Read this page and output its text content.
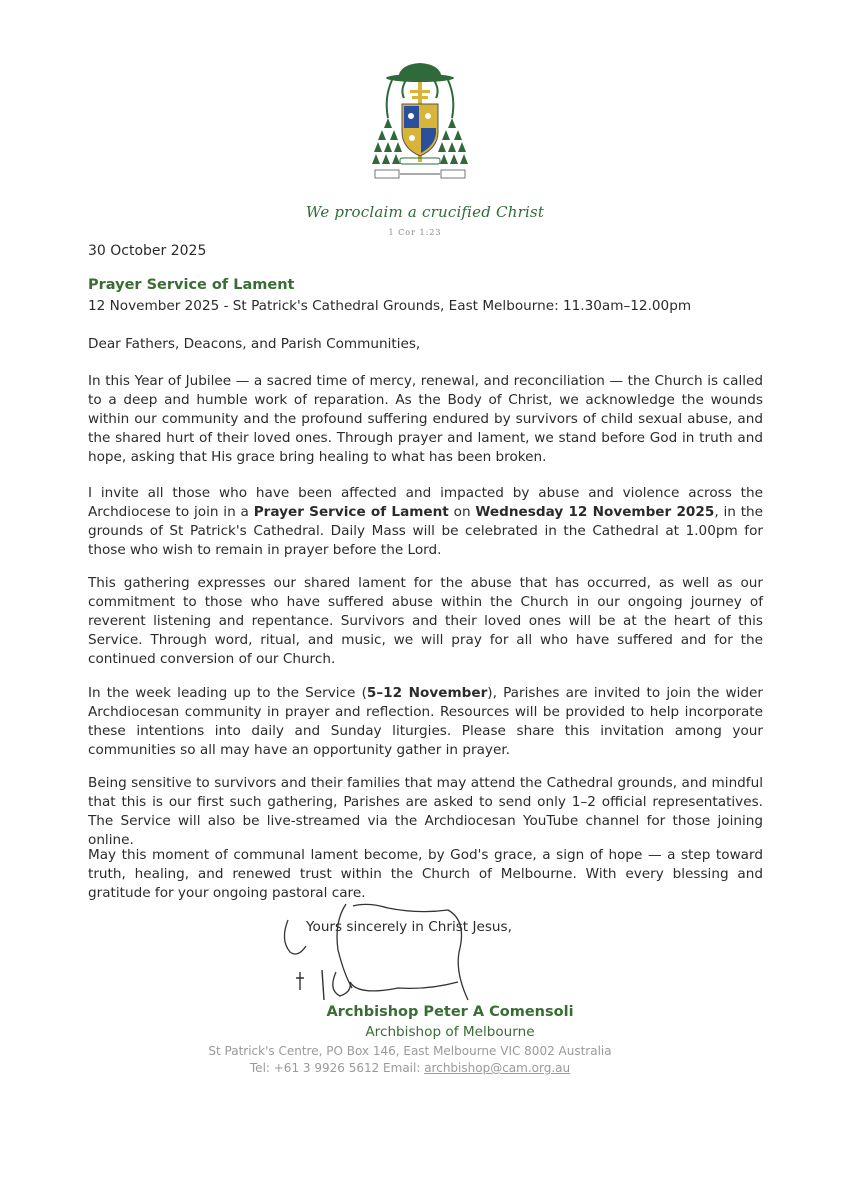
We proclaim a crucified Christ
1 Cor 1:23
30 October 2025
Prayer Service of Lament
12 November 2025 - St Patrick's Cathedral Grounds, East Melbourne: 11.30am–12.00pm
Dear Fathers, Deacons, and Parish Communities,
In this Year of Jubilee — a sacred time of mercy, renewal, and reconciliation — the Church is called to a deep and humble work of reparation. As the Body of Christ, we acknowledge the wounds within our community and the profound suffering endured by survivors of child sexual abuse, and the shared hurt of their loved ones. Through prayer and lament, we stand before God in truth and hope, asking that His grace bring healing to what has been broken.
I invite all those who have been affected and impacted by abuse and violence across the Archdiocese to join in a Prayer Service of Lament on Wednesday 12 November 2025, in the grounds of St Patrick's Cathedral. Daily Mass will be celebrated in the Cathedral at 1.00pm for those who wish to remain in prayer before the Lord.
This gathering expresses our shared lament for the abuse that has occurred, as well as our commitment to those who have suffered abuse within the Church in our ongoing journey of reverent listening and repentance. Survivors and their loved ones will be at the heart of this Service. Through word, ritual, and music, we will pray for all who have suffered and for the continued conversion of our Church.
In the week leading up to the Service (5–12 November), Parishes are invited to join the wider Archdiocesan community in prayer and reflection. Resources will be provided to help incorporate these intentions into daily and Sunday liturgies. Please share this invitation among your communities so all may have an opportunity gather in prayer.
Being sensitive to survivors and their families that may attend the Cathedral grounds, and mindful that this is our first such gathering, Parishes are asked to send only 1–2 official representatives. The Service will also be live-streamed via the Archdiocesan YouTube channel for those joining online.
May this moment of communal lament become, by God's grace, a sign of hope — a step toward truth, healing, and renewed trust within the Church of Melbourne. With every blessing and gratitude for your ongoing pastoral care.
Yours sincerely in Christ Jesus,
Archbishop Peter A Comensoli
Archbishop of Melbourne
St Patrick's Centre, PO Box 146, East Melbourne VIC 8002 Australia
Tel: +61 3 9926 5612 Email: archbishop@cam.org.au
